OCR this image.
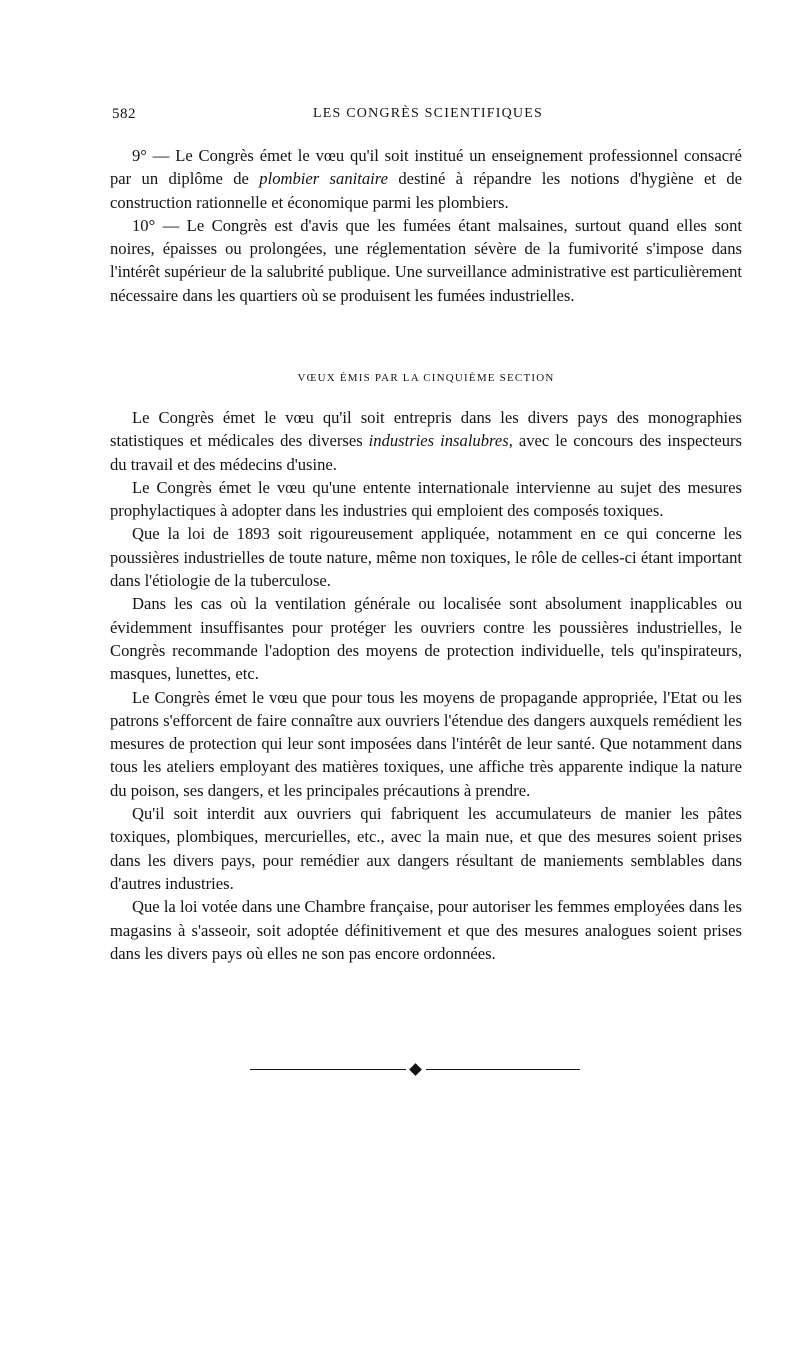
582	LES CONGRÈS SCIENTIFIQUES

9° — Le Congrès émet le vœu qu'il soit institué un enseignement professionnel consacré par un diplôme de plombier sanitaire destiné à répandre les notions d'hygiène et de construction rationnelle et économique parmi les plombiers.

10° — Le Congrès est d'avis que les fumées étant malsaines, surtout quand elles sont noires, épaisses ou prolongées, une réglementation sévère de la fumivorité s'impose dans l'intérêt supérieur de la salubrité publique. Une surveillance administrative est particulièrement nécessaire dans les quartiers où se produisent les fumées industrielles.

VŒUX ÉMIS PAR LA CINQUIÈME SECTION

Le Congrès émet le vœu qu'il soit entrepris dans les divers pays des monographies statistiques et médicales des diverses industries insalubres, avec le concours des inspecteurs du travail et des médecins d'usine.

Le Congrès émet le vœu qu'une entente internationale intervienne au sujet des mesures prophylactiques à adopter dans les industries qui emploient des composés toxiques.

Que la loi de 1893 soit rigoureusement appliquée, notamment en ce qui concerne les poussières industrielles de toute nature, même non toxiques, le rôle de celles-ci étant important dans l'étiologie de la tuberculose.

Dans les cas où la ventilation générale ou localisée sont absolument inapplicables ou évidemment insuffisantes pour protéger les ouvriers contre les poussières industrielles, le Congrès recommande l'adoption des moyens de protection individuelle, tels qu'inspirateurs, masques, lunettes, etc.

Le Congrès émet le vœu que pour tous les moyens de propagande appropriée, l'Etat ou les patrons s'efforcent de faire connaître aux ouvriers l'étendue des dangers auxquels remédient les mesures de protection qui leur sont imposées dans l'intérêt de leur santé. Que notamment dans tous les ateliers employant des matières toxiques, une affiche très apparente indique la nature du poison, ses dangers, et les principales précautions à prendre.

Qu'il soit interdit aux ouvriers qui fabriquent les accumulateurs de manier les pâtes toxiques, plombiques, mercurielles, etc., avec la main nue, et que des mesures soient prises dans les divers pays, pour remédier aux dangers résultant de maniements semblables dans d'autres industries.

Que la loi votée dans une Chambre française, pour autoriser les femmes employées dans les magasins à s'asseoir, soit adoptée définitivement et que des mesures analogues soient prises dans les divers pays où elles ne son pas encore ordonnées.
